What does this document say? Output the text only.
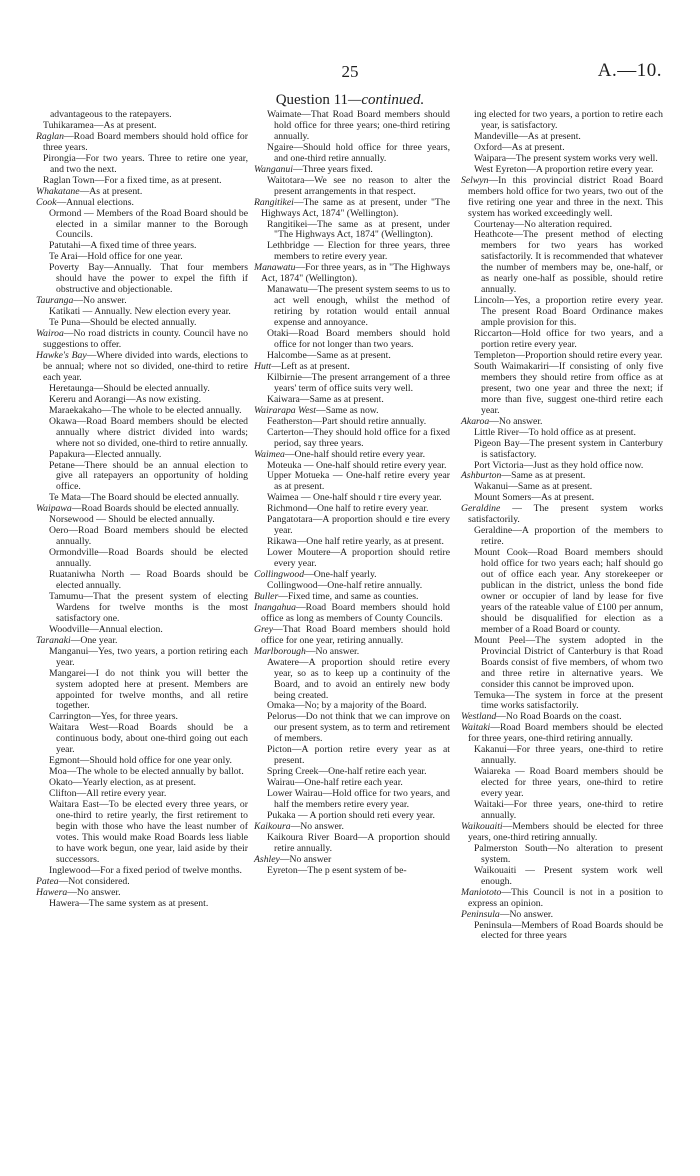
25	A.—10.
Question 11—continued.

advantageous to the ratepayers.

Tuhikaramea—As at present.

Raglan—Road Board members should hold office for three years.

Pirongia—For two years. Three to retire one year, and two the next.

Raglan Town—For a fixed time, as at present.

Whakatane—As at present.

Cook—Annual elections.

Ormond — Members of the Road Board should be elected in a similar manner to the Borough Councils.

Patutahi—A fixed time of three years.

Te Arai—Hold office for one year.

Poverty Bay—Annually. That four members should have the power to expel the fifth if obstructive and objectionable.

Tauranga—No answer.

Katikati — Annually. New election every year.

Te Puna—Should be elected annually.

Wairoa—No road districts in county. Council have no suggestions to offer.

Hawke's Bay—Where divided into wards, elections to be annual; where not so divided, one-third to retire each year.

Heretaunga—Should be elected annually.

Kereru and Aorangi—As now existing.

Maraekakaho—The whole to be elected annually.

Okawa—Road Board members should be elected annually where district divided into wards; where not so divided, one-third to retire annually.

Papakura—Elected annually.

Petane—There should be an annual election to give all ratepayers an opportunity of holding office.

Te Mata—The Board should be elected annually.

Waipawa—Road Boards should be elected annually.

Norsewood — Should be elected annually.

Oero—Road Board members should be elected annually.

Ormondville—Road Boards should be elected annually.

Ruataniwha North — Road Boards should be elected annually.

Tamumu—That the present system of electing Wardens for twelve months is the most satisfactory one.

Woodville—Annual election.

Taranaki—One year.

Manganui—Yes, two years, a portion retiring each year.

Mangarei—I do not think you will better the system adopted here at present. Members are appointed for twelve months, and all retire together.

Carrington—Yes, for three years.

Waitara West—Road Boards should be a continuous body, about one-third going out each year.

Egmont—Should hold office for one year only.

Moa—The whole to be elected annually by ballot.

Okato—Yearly election, as at present.

Clifton—All retire every year.

Waitara East—To be elected every three years, or one-third to retire yearly, the first retirement to begin with those who have the least number of votes. This would make Road Boards less liable to have work begun, one year, laid aside by their successors.

Inglewood—For a fixed period of twelve months.

Patea—Not considered.

Hawera—No answer.

Hawera—The same system as at present.

Waimate—That Road Board members should hold office for three years; one-third retiring annually.

Ngaire—Should hold office for three years, and one-third retire annually.

Wanganui—Three years fixed.

Waitotara—We see no reason to alter the present arrangements in that respect.

Rangitikei—The same as at present, under "The Highways Act, 1874" (Wellington).

Rangitikei—The same as at present, under "The Highways Act, 1874" (Wellington).

Lethbridge — Election for three years, three members to retire every year.

Manawatu—For three years, as in "The Highways Act, 1874" (Wellington).

Manawatu—The present system seems to us to act well enough, whilst the method of retiring by rotation would entail annual expense and annoyance.

Otaki—Road Board members should hold office for not longer than two years.

Halcombe—Same as at present.

Hutt—Left as at present.

Kilbirnie—The present arrangement of a three years' term of office suits very well.

Kaiwara—Same as at present.

Wairarapa West—Same as now.

Featherston—Part should retire annually.

Carterton—They should hold office for a fixed period, say three years.

Waimea—One-half should retire every year.

Moteuka — One-half should retire every year.

Upper Motueka — One-half retire every year as at present.

Waimea — One-half should r tire every year.

Richmond—One half to retire every year.

Pangatotara—A proportion should e tire every year.

Rikawa—One half retire yearly, as at present.

Lower Moutere—A proportion should retire every year.

Collingwood—One-half yearly.

Collingwood—One-half retire annually.

Buller—Fixed time, and same as counties.

Inangahua—Road Board members should hold office as long as members of County Councils.

Grey—That Road Board members should hold office for one year, retiring annually.

Marlborough—No answer.

Awatere—A proportion should retire every year, so as to keep up a continuity of the Board, and to avoid an entirely new body being created.

Omaka—No; by a majority of the Board.

Pelorus—Do not think that we can improve on our present system, as to term and retirement of members.

Picton—A portion retire every year as at present.

Spring Creek—One-half retire each year.

Wairau—One-half retire each year.

Lower Wairau—Hold office for two years, and half the members retire every year.

Pukaka — A portion should reti every year.

Kaikoura—No answer.

Kaikoura River Board—A proportion should retire annually.

Ashley—No answer

Eyreton—The p esent system of be-

ing elected for two years, a portion to retire each year, is satisfactory.

Mandeville—As at present.

Oxford—As at present.

Waipara—The present system works very well.

West Eyreton—A proportion retire every year.

Selwyn—In this provincial district Road Board members hold office for two years, two out of the five retiring one year and three in the next. This system has worked exceedingly well.

Courtenay—No alteration required.

Heathcote—The present method of electing members for two years has worked satisfactorily. It is recommended that whatever the number of members may be, one-half, or as nearly one-half as possible, should retire annually.

Lincoln—Yes, a proportion retire every year. The present Road Board Ordinance makes ample provision for this.

Riccarton—Hold office for two years, and a portion retire every year.

Templeton—Proportion should retire every year.

South Waimakariri—If consisting of only five members they should retire from office as at present, two one year and three the next; if more than five, suggest one-third retire each year.

Akaroa—No answer.

Little River—To hold office as at present.

Pigeon Bay—The present system in Canterbury is satisfactory.

Port Victoria—Just as they hold office now.

Ashburton—Same as at present.

Wakanui—Same as at present.

Mount Somers—As at present.

Geraldine — The present system works satisfactorily.

Geraldine—A proportion of the members to retire.

Mount Cook—Road Board members should hold office for two years each; half should go out of office each year. Any storekeeper or publican in the district, unless the bond fide owner or occupier of land by lease for five years of the rateable value of £100 per annum, should be disqualified for election as a member of a Road Board or county.

Mount Peel—The system adopted in the Provincial District of Canterbury is that Road Boards consist of five members, of whom two and three retire in alternative years. We consider this cannot be improved upon.

Temuka—The system in force at the present time works satisfactorily.

Westland—No Road Boards on the coast.

Waitaki—Road Board members should be elected for three years, one-third retiring annually.

Kakanui—For three years, one-third to retire annually.

Waiareka — Road Board members should be elected for three years, one-third to retire every year.

Waitaki—For three years, one-third to retire annually.

Waikouaiti—Members should be elected for three years, one-third retiring annually.

Palmerston South—No alteration to present system.

Waikouaiti — Present system work well enough.

Maniototo—This Council is not in a position to express an opinion.

Peninsula—No answer.

Peninsula—Members of Road Boards should be elected for three years
